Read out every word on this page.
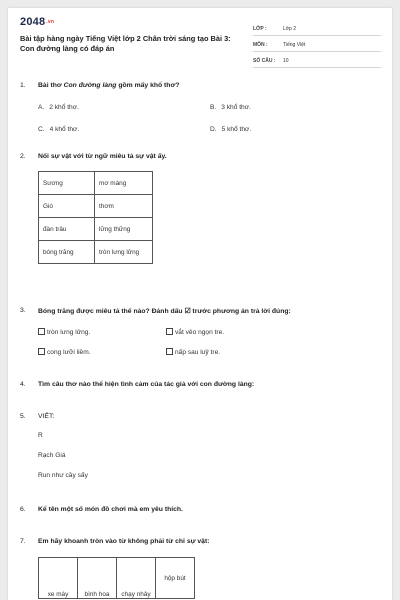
2048.vn
Bài tập hàng ngày Tiếng Việt lớp 2 Chân trời sáng tạo Bài 3: Con đường làng có đáp án
LỚP :	Lớp 2
MÔN :	Tiếng Việt
SỐ CÂU :	10
1.	Bài thơ Con đường làng gồm mấy khổ thơ?
A. 2 khổ thơ.	B. 3 khổ thơ.
C. 4 khổ thơ.	D. 5 khổ thơ.
2.	Nối sự vật với từ ngữ miêu tả sự vật ấy.
Sương	mơ màng
Gió	thơm
đàn trâu	lững thững
bóng trăng	tròn lưng lửng
3.	Bóng trăng được miêu tả thế nào? Đánh dấu ☑ trước phương án trả lời đúng:
tròn lưng lửng.	vắt vẻo ngọn tre.
cong lưỡi liềm.	nấp sau luỹ tre.
4.	Tìm câu thơ nào thể hiện tình cảm của tác giả với con đường làng:
5.	VIẾT:
R
Rạch Giá
Run như cầy sấy
6.	Kể tên một số món đồ chơi mà em yêu thích.
7.	Em hãy khoanh tròn vào từ không phải từ chỉ sự vật:
xe máy	bình hoa	chạy nhảy	hộp bút
